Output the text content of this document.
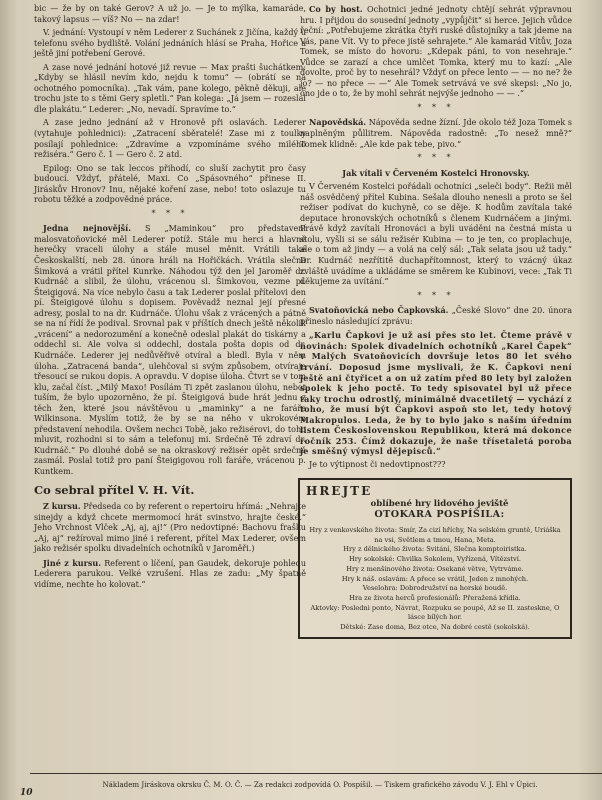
bic — že by on také Gerov? A už jo. — Je to mýlka, kamaráde, takový lapsus — víš? No — na zdar!

V. jednání: Vystoupí v něm Lederer z Suchánek z Jičína, každý u telefonu svého bydliště. Volání jednáních hlásí se Praha, Hořice a ještě jiní potřebení Gerové.

A zase nové jednání hotové již revue — Max prašti šuchátkem: „Kdyby se hlásil nevím kdo, nejdu k tomu“ — (obrátí se na ochotného pomocníka). „Tak vám, pane kolego, pěkně děkuji, ale trochu jste to s těmi Gery spletli.“ Pan kolega: „Já jsem — rozeslal dle plakátu.“ Lederer: „No, nevadí. Spravíme to.“

A zase jedno jednání až v Hronově při oslavách. Lederer (vytahuje pohlednici): „Zatracení sběratelé! Zase mi z toulky posílají pohlednice: „Zdravíme a vzpomínáme svého milého režiséra.“ Gero č. 1 — Gero č. 2 atd.

Epilog: Ono se tak leccos přihodí, co sluší zachytit pro časy budoucí. Vždyť, přátelé, Maxi. Co „Spásovného“ přinese II. Jiráskův Hronov? Inu, nějaké koření zase, nebo! toto oslazuje tu robotu těžké a zodpovědné práce.

* * *

Jedna nejnovější. S „Maminkou“ pro představení malosvatoňovické měl Lederer potíž. Stále mu herci a hlavně herečky vraceli úlohy a stále musel měnit. Vrátili také Českoskalští, neb 28. února hráli na Hořičkách. Vrátila slečna Šimková a vrátil přítel Kunrke. Náhodou týž den jel Jaroměř dr. Kudrnáč a slibil, že úlohu, vrácenou sl. Šimkovou, vezme pí. Šteigigová. Na více nebylo času a tak Lederer poslal přítelovi den pí. Šteigigové úlohu s dopisem. Pověvadž neznal její přesné adresy, poslal to na dr. Kudrnáče. Úlohu však z vrácených a pátně se na ní řídí že podival. Srovnal pak v příštích dnech ještě několik „vrácení“ a nedorozumění a konečně odeslal plakát do tiskárny a oddechl si. Ale volva si oddechl, dostala pošta dopis od dr. Kudrnáče. Lederer jej nedůvěřivě otvíral a bledl. Byla v něm úloha. „Zatracená banda“, ulehčoval si svým způsobem, otvíraje třesoucí se rukou dopis. A opravdu. V dopise úloha. Čtvrt se v tom klu, začal číst. „Milý Maxo! Posílám Ti zpět zaslanou úlohu, nebot tuším, že bylo upozorněno, že pí. Šteigigová bude hrát jednu z těch žen, které jsou návštěvou u „maminky“ a ne faráře Wilkinsona. Myslím totiž, že by se na něho v ukrokovém představení nehodila. Ovšem nechci Tobě, jako režisérovi, do toho mluvit, rozhodni si to sám a telefonuj mi. Srdečně Tě zdraví dr. Kudrnáč.“ Po dlouhé době se na okraskový režisér opět srdečně zasmál. Poslal totiž pro paní Šteigigovou roli faráře, vrácenou p. Kuntkem.

Co sebral přítel V. H. Vít.

Z kursu. Předseda co by referent o repertoiru hřímá: „Nehrajte sinejdy a když chcete mermomocí hrát svinstvo, hrajte české.“ Jeho Vrchnost Vlček „Aj, aj, aj!“ (Pro nedovtipné: Bachovu frašku „Aj, aj“ režíroval mimo jiné i referent, přítel Max Lederer, ovšem jako režisér spolku divadelních ochotníků v Jaroměři.)

Jiné z kursu. Referent o líčení, pan Gaudek, dekoruje pohledu Lederera parukou. Velké vzrušení. Hlas ze zadu: „My špatně vidíme, nechte ho kolovat.“

Co by host. Ochotnici jedné jednoty chtějí sehrát výpravnou hru. I přijdou do sousední jednoty „vypůjčit“ si herce. Jejich vůdce řeční: „Potřebujeme zkrátka čtyři ruské důstojníky a tak jdeme na Vás, pane Vít. Vy to přece jistě sehrajete.“ Ale kamarád Vítův, Joza Tomek, se místo do hovoru: „Kdepak páni, to von nesehraje.“ Vůdce se zarazí a chce umlčet Tomka, který mu to kazí: „Ale dovolte, proč by to nesehrál? Vždyť on přece lento — — no ne? že jo? — no přece — —“ Ale Tomek setrvává ve své skepsi: „No jo, ono jde o to, že by mohl sehrát nejvýše jednoho — — .“

* * *

Napovědská. Nápověda sedne žízní. Jde okolo též Joza Tomek s naplněným půllitrem. Nápověda radostně: „To nesež mně?“ Tomek klidně: „Ale kde pak tebe, pivo.“

* * *

Jak vítali v Červeném Kostelci Hronovsky.

V Červeném Kostelci pořádali ochotníci „seleči body“. Režii měl náš osvědčený přítel Kubina. Sešala dlouho nenesli a proto se šel režiser podívat do kuchyně, co se děje. K hodům zavítala také deputace hronovských ochotníků s členem Kudrnáčem a jinými. Právě když zavítali Hronováci a byli uváděni na čestná místa u stolu, vyšli si se sálu režisér Kubina — to je ten, co proplachuje, ale o tom až jindy — a volá na celý sál: „Tak selata jsou už tady.“ Dr. Kudrnáč nezřítitě duchapřítomnost, který to vzácný úkaz zvláště uvádíme a ukládáme se směrem ke Kubinovi, vece: „Tak Ti děkujeme za uvítání.“

* * *

Svatoňovická nebo Čapkovská. „České Slovo“ dne 20. února přineslo následující zprávu:

„Karlu Čapkovi je už asi přes sto let. Čteme právě v novinách: Spolek divadelních ochotníků „Karel Čapek“ v Malých Svatoňovicích dovršuje letos 80 let svého trvání. Doposud jsme myslivali, že K. Čapkovi není ještě ani čtyřicet a on už zatím před 80 lety byl založen spolek k jeho poctě. To tedy spisovatel byl už přece taky trochu odrostlý, minimálně dvacetiletý — vychází z toho, že musí být Čapkovi aspoň sto let, tedy hotový Makropulos. Leda, že by to bylo jako s naším úředním listem Československou Republikou, která má dokonce ročník 253. Čímž dokazuje, že naše třísetaletá poroba je směšný výmysl dějepisců.“

Je to výtipnost či nedovtipnost???

HREJTE

oblíbené hry lidového jeviště

OTOKARA POSPÍŠILA:

Hry z venkovského života: Smír, Za cizí hříchy, Na selském gruntě, Uriáška na vsi, Světlem a tmou, Hana, Meta.

Hry z dělnického života: Svitání, Slečna komptoiristka.

Hry sokolské: Chvilka Sokolem, Vyřízená, Vítězství.

Hry z menšinového života: Osekané větve, Vytrváme.

Hry k náš. oslavám: A přece se vrátil, Jeden z mnohých.

Veselohra: Dobrodružství na horské boudě.

Hra ze života herců profesionálů: Přeražená křídla.

Aktovky: Posledni ponto, Návrat, Rozpuku se poupě, Až se II. zasteskne, O lásce bílých hor.

Dětské: Zase doma, Bez otce, Na dobré cestě (sokolská).

Nákladem Jiráskova okrsku Č. M. O. Č. — Za redakci zodpovídá O. Pospíšil. — Tiskem grafického závodu V. J. Ehl v Úpici.
10
